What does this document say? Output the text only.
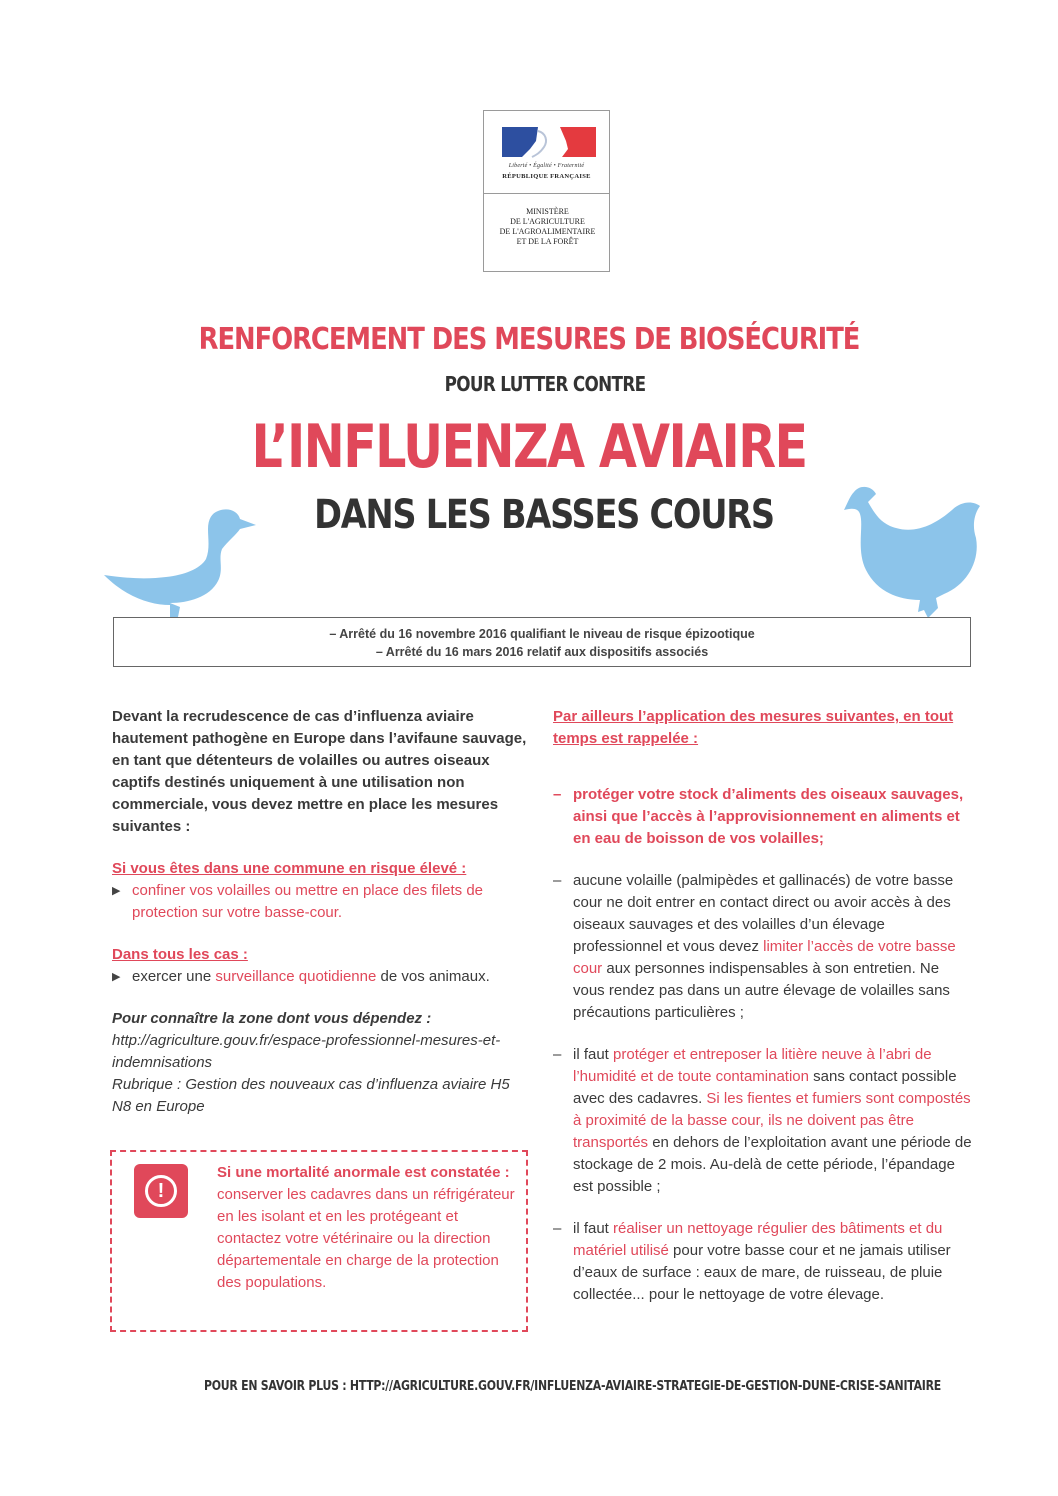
Liberté • Égalité • Fraternité
RÉPUBLIQUE FRANÇAISE
MINISTÈRE
DE L'AGRICULTURE
DE L'AGROALIMENTAIRE
ET DE LA FORÊT
RENFORCEMENT DES MESURES DE BIOSÉCURITÉ
POUR LUTTER CONTRE
L’INFLUENZA AVIAIRE
DANS LES BASSES COURS

– Arrêté du 16 novembre 2016 qualifiant le niveau de risque épizootique

– Arrêté du 16 mars 2016 relatif aux dispositifs associés

Devant la recrudescence de cas d’influenza aviaire hautement pathogène en Europe dans l’avifaune sauvage, en tant que détenteurs de volailles ou autres oiseaux captifs destinés uniquement à une utilisation non commerciale, vous devez mettre en place les mesures suivantes :

Si vous êtes dans une commune en risque élevé :

▶ confiner vos volailles ou mettre en place des filets de protection sur votre basse-cour.

Dans tous les cas :

▶ exercer une surveillance quotidienne de vos animaux.

Pour connaître la zone dont vous dépendez :

http://agriculture.gouv.fr/espace-professionnel-mesures-et-indemnisations

Rubrique : Gestion des nouveaux cas d’influenza aviaire H5 N8 en Europe

!

Si une mortalité anormale est constatée : conserver les cadavres dans un réfrigérateur en les isolant et en les protégeant et contactez votre vétérinaire ou la direction départementale en charge de la protection des populations.

Par ailleurs l’application des mesures suivantes, en tout temps est rappelée :

– protéger votre stock d’aliments des oiseaux sauvages, ainsi que l’accès à l’approvisionnement en aliments et en eau de boisson de vos volailles;

– aucune volaille (palmipèdes et gallinacés) de votre basse cour ne doit entrer en contact direct ou avoir accès à des oiseaux sauvages et des volailles d’un élevage professionnel et vous devez limiter l’accès de votre basse cour aux personnes indispensables à son entretien. Ne vous rendez pas dans un autre élevage de volailles sans précautions particulières ;

– il faut protéger et entreposer la litière neuve à l’abri de l’humidité et de toute contamination sans contact possible avec des cadavres. Si les fientes et fumiers sont compostés à proximité de la basse cour, ils ne doivent pas être transportés en dehors de l’exploitation avant une période de stockage de 2 mois. Au-delà de cette période, l’épandage est possible ;

– il faut réaliser un nettoyage régulier des bâtiments et du matériel utilisé pour votre basse cour et ne jamais utiliser d’eaux de surface : eaux de mare, de ruisseau, de pluie collectée... pour le nettoyage de votre élevage.

POUR EN SAVOIR PLUS : HTTP://AGRICULTURE.GOUV.FR/INFLUENZA-AVIAIRE-STRATEGIE-DE-GESTION-DUNE-CRISE-SANITAIRE
